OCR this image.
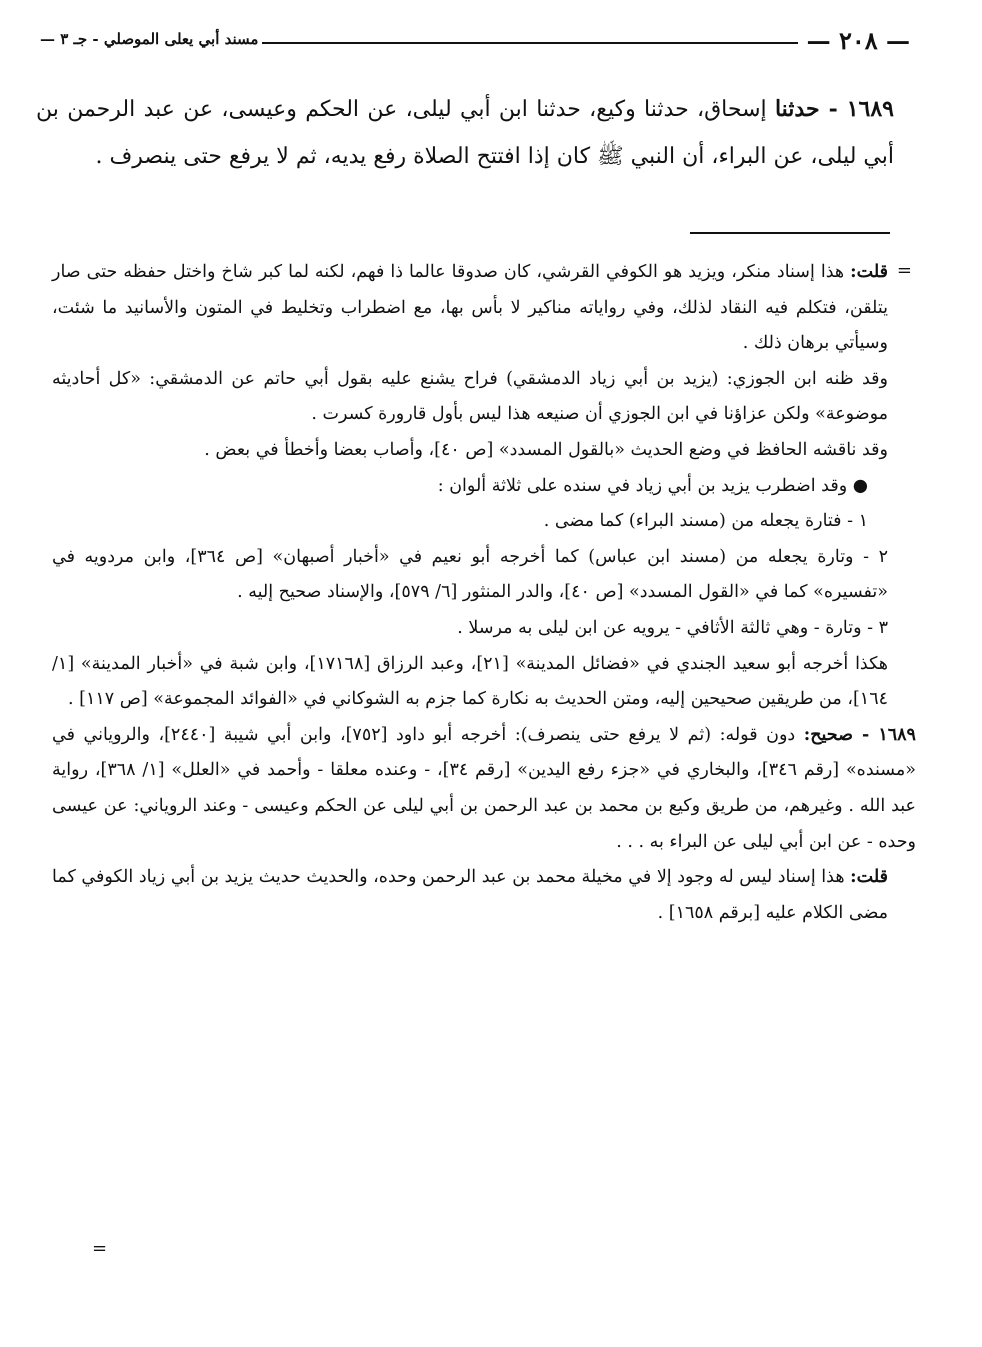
— ٢٠٨ —
مسند أبي يعلى الموصلي - جـ ٣ —
١٦٨٩ - حدثنا إسحاق، حدثنا وكيع، حدثنا ابن أبي ليلى، عن الحكم وعيسى، عن عبد الرحمن بن أبي ليلى، عن البراء، أن النبي ﷺ كان إذا افتتح الصلاة رفع يديه، ثم لا يرفع حتى ينصرف .
=

قلت: هذا إسناد منكر، ويزيد هو الكوفي القرشي، كان صدوقا عالما ذا فهم، لكنه لما كبر شاخ واختل حفظه حتى صار يتلقن، فتكلم فيه النقاد لذلك، وفي رواياته مناكير لا بأس بها، مع اضطراب وتخليط في المتون والأسانيد ما شئت، وسيأتي برهان ذلك .

وقد ظنه ابن الجوزي: (يزيد بن أبي زياد الدمشقي) فراح يشنع عليه بقول أبي حاتم عن الدمشقي: «كل أحاديثه موضوعة» ولكن عزاؤنا في ابن الجوزي أن صنيعه هذا ليس بأول قارورة كسرت .

وقد ناقشه الحافظ في وضع الحديث «بالقول المسدد» [ص ٤٠]، وأصاب بعضا وأخطأ في بعض .

● وقد اضطرب يزيد بن أبي زياد في سنده على ثلاثة ألوان :

١ - فتارة يجعله من (مسند البراء) كما مضى .

٢ - وتارة يجعله من (مسند ابن عباس) كما أخرجه أبو نعيم في «أخبار أصبهان» [ص ٣٦٤]، وابن مردويه في «تفسيره» كما في «القول المسدد» [ص ٤٠]، والدر المنثور [٦/ ٥٧٩]، والإسناد صحيح إليه .

٣ - وتارة - وهي ثالثة الأثافي - يرويه عن ابن ليلى به مرسلا .

هكذا أخرجه أبو سعيد الجندي في «فضائل المدينة» [٢١]، وعبد الرزاق [١٧١٦٨]، وابن شبة في «أخبار المدينة» [١/ ١٦٤]، من طريقين صحيحين إليه، ومتن الحديث به نكارة كما جزم به الشوكاني في «الفوائد المجموعة» [ص ١١٧] .

١٦٨٩ - صحيح: دون قوله: (ثم لا يرفع حتى ينصرف): أخرجه أبو داود [٧٥٢]، وابن أبي شيبة [٢٤٤٠]، والروياني في «مسنده» [رقم ٣٤٦]، والبخاري في «جزء رفع اليدين» [رقم ٣٤]، - وعنده معلقا - وأحمد في «العلل» [١/ ٣٦٨]، رواية عبد الله . وغيرهم، من طريق وكيع بن محمد بن عبد الرحمن بن أبي ليلى عن الحكم وعيسى - وعند الروياني: عن عيسى وحده - عن ابن أبي ليلى عن البراء به . . .

قلت: هذا إسناد ليس له وجود إلا في مخيلة محمد بن عبد الرحمن وحده، والحديث حديث يزيد بن أبي زياد الكوفي كما مضى الكلام عليه [برقم ١٦٥٨] .

=
